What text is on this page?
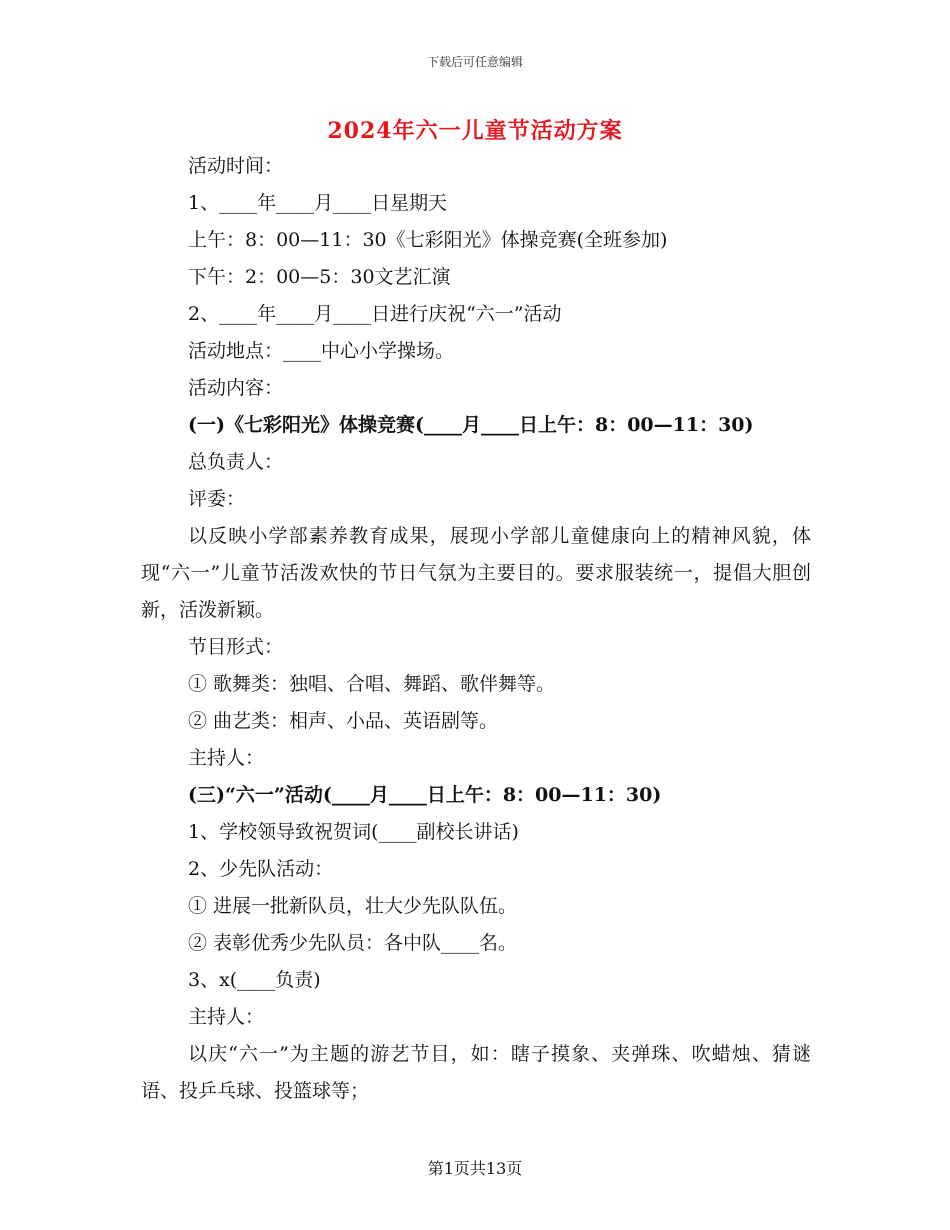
下载后可任意编辑
2024年六一儿童节活动方案

活动时间：

1、____年____月____日星期天

上午：8：00—11：30《七彩阳光》体操竞赛(全班参加)

下午：2：00—5：30文艺汇演

2、____年____月____日进行庆祝“六一”活动

活动地点：____中心小学操场。

活动内容：

(一)《七彩阳光》体操竞赛(____月____日上午：8：00—11：30)

总负责人：

评委：

以反映小学部素养教育成果，展现小学部儿童健康向上的精神风貌，体现“六一”儿童节活泼欢快的节日气氛为主要目的。要求服装统一，提倡大胆创新，活泼新颖。

节目形式：

① 歌舞类：独唱、合唱、舞蹈、歌伴舞等。

② 曲艺类：相声、小品、英语剧等。

主持人：

(三)“六一”活动(____月____日上午：8：00—11：30)

1、学校领导致祝贺词(____副校长讲话)

2、少先队活动：

① 进展一批新队员，壮大少先队队伍。

② 表彰优秀少先队员：各中队____名。

3、x(____负责)

主持人：

以庆“六一”为主题的游艺节目，如：瞎子摸象、夹弹珠、吹蜡烛、猜谜语、投乒乓球、投篮球等；

第1页共13页
